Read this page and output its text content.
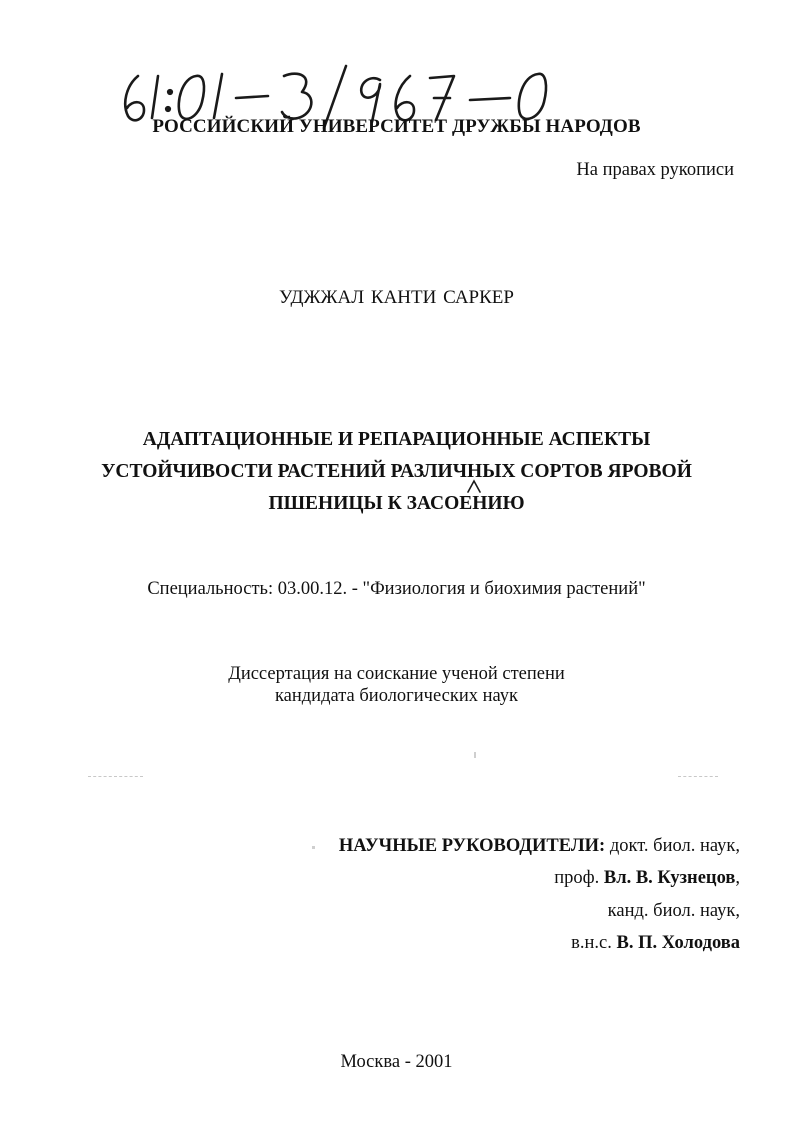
РОССИЙСКИЙ УНИВЕРСИТЕТ ДРУЖБЫ НАРОДОВ
На правах рукописи
УДЖЖАЛ КАНТИ САРКЕР
АДАПТАЦИОННЫЕ И РЕПАРАЦИОННЫЕ АСПЕКТЫ
УСТОЙЧИВОСТИ РАСТЕНИЙ РАЗЛИЧНЫХ СОРТОВ ЯРОВОЙ
ПШЕНИЦЫ К ЗАСОЕНИЮ
Специальность: 03.00.12. - "Физиология и биохимия растений"
Диссертация на соискание ученой степени
кандидата биологических наук
НАУЧНЫЕ РУКОВОДИТЕЛИ: докт. биол. наук,
проф. Вл. В. Кузнецов,
канд. биол. наук,
в.н.с. В. П. Холодова
Москва - 2001
